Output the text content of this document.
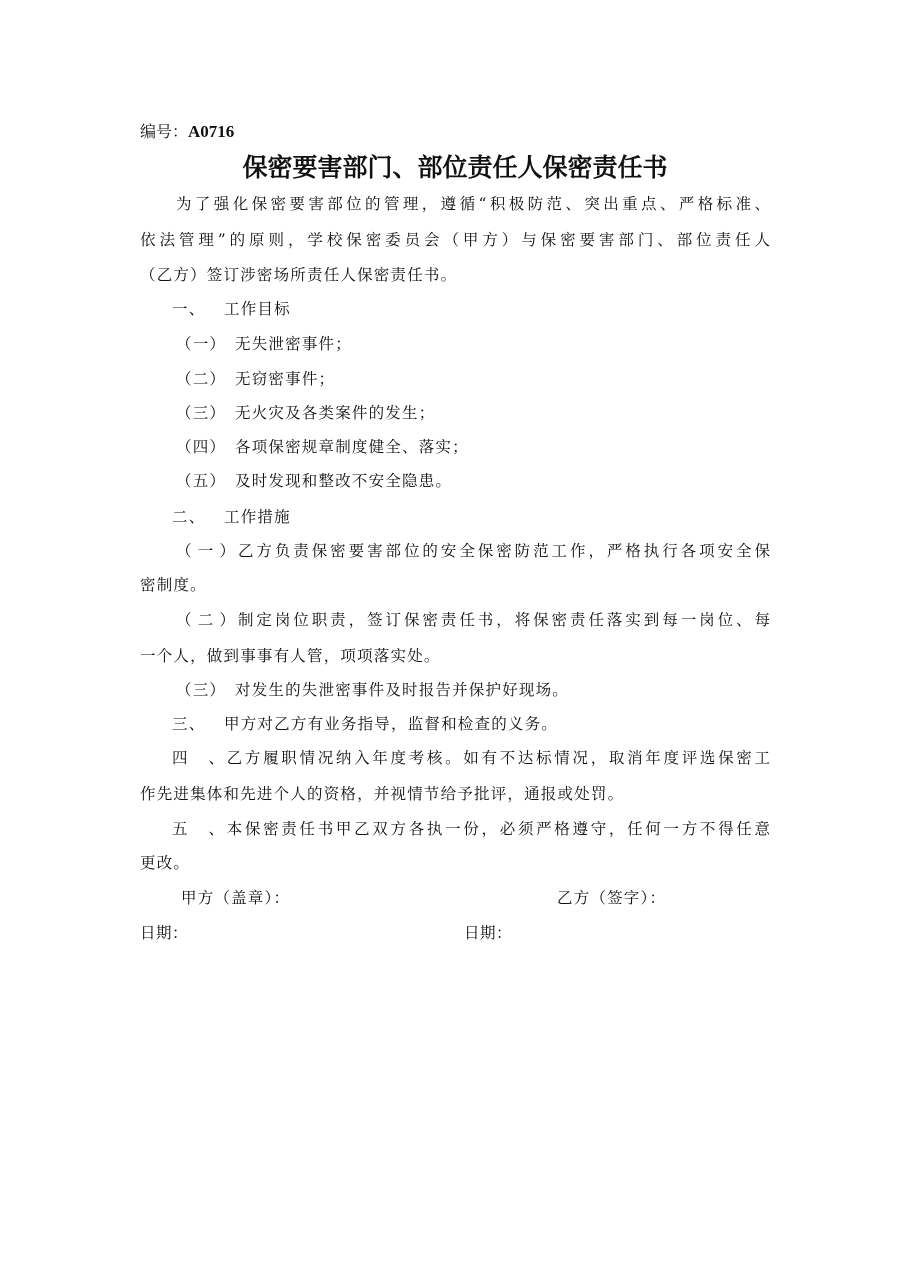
编号：A0716
保密要害部门、部位责任人保密责任书
为了强化保密要害部位的管理，遵循“积极防范、突出重点、严格标准、
依法管理”的原则，学校保密委员会（甲方）与保密要害部门、部位责任人
（乙方）签订涉密场所责任人保密责任书。
一、 工作目标
（一） 无失泄密事件；
（二） 无窃密事件；
（三） 无火灾及各类案件的发生；
（四） 各项保密规章制度健全、落实；
（五） 及时发现和整改不安全隐患。
二、 工作措施
（一）乙方负责保密要害部位的安全保密防范工作，严格执行各项安全保
密制度。
（二）制定岗位职责，签订保密责任书，将保密责任落实到每一岗位、每
一个人，做到事事有人管，项项落实处。
（三） 对发生的失泄密事件及时报告并保护好现场。
三、 甲方对乙方有业务指导，监督和检查的义务。
四、乙方履职情况纳入年度考核。如有不达标情况，取消年度评选保密工
作先进集体和先进个人的资格，并视情节给予批评，通报或处罚。
五、本保密责任书甲乙双方各执一份，必须严格遵守，任何一方不得任意
更改。
甲方（盖章）：	乙方（签字）：
日期：	日期：
